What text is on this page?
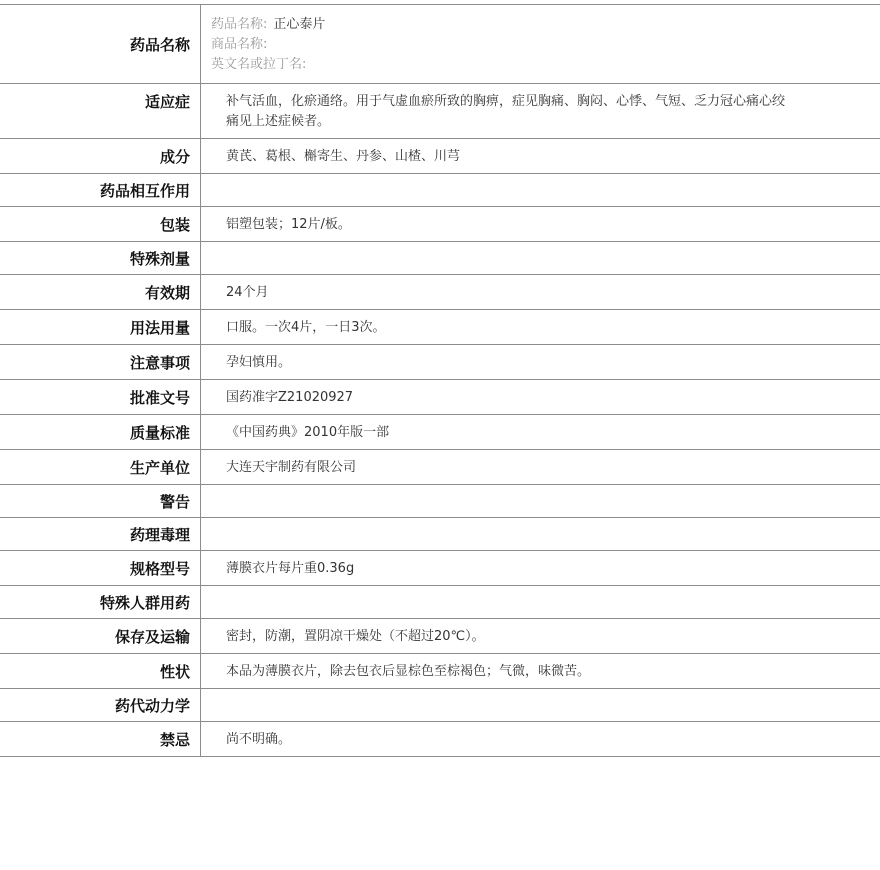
药品名称
药品名称: 正心泰片
商品名称:
英文名或拉丁名:
适应症	补气活血，化瘀通络。用于气虚血瘀所致的胸痹，症见胸痛、胸闷、心悸、气短、乏力冠心痛心绞痛见上述症候者。
成分	黄芪、葛根、槲寄生、丹参、山楂、川芎
药品相互作用
包装	铝塑包装；12片/板。
特殊剂量
有效期	24个月
用法用量	口服。一次4片，一日3次。
注意事项	孕妇慎用。
批准文号	国药准字Z21020927
质量标准	《中国药典》2010年版一部
生产单位	大连天宇制药有限公司
警告
药理毒理
规格型号	薄膜衣片每片重0.36g
特殊人群用药
保存及运输	密封，防潮，置阴凉干燥处（不超过20℃）。
性状	本品为薄膜衣片，除去包衣后显棕色至棕褐色；气微，味微苦。
药代动力学
禁忌	尚不明确。
